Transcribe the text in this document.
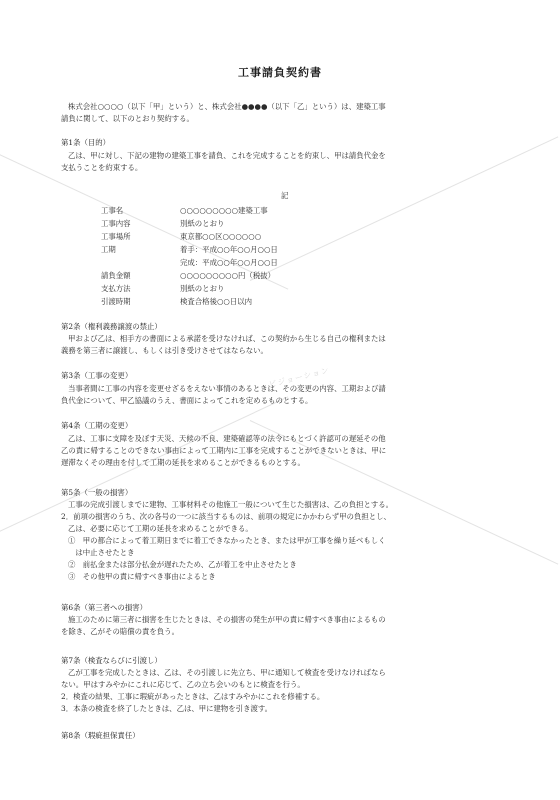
ビジョーション
工事請負契約書
株式会社○○○○（以下「甲」という）と、株式会社●●●●（以下「乙」という）は、建築工事
請負に関して、以下のとおり契約する。
第1条（目的）
乙は、甲に対し、下記の建物の建築工事を請負、これを完成することを約束し、甲は請負代金を
支払うことを約束する。
記
工事名	○○○○○○○○○建築工事
工事内容	別紙のとおり
工事場所	東京都○○区○○○○○○
工期	着手：平成○○年○○月○○日
完成：平成○○年○○月○○日
請負金額	○○○○○○○○○円（税抜）
支払方法	別紙のとおり
引渡時期	検査合格後○○日以内
第2条（権利義務譲渡の禁止）
甲および乙は、相手方の書面による承諾を受けなければ、この契約から生じる自己の権利または
義務を第三者に譲渡し、もしくは引き受けさせてはならない。
第3条（工事の変更）
当事者間に工事の内容を変更せざるをえない事情のあるときは、その変更の内容、工期および請
負代金について、甲乙協議のうえ、書面によってこれを定めるものとする。
第4条（工期の変更）
乙は、工事に支障を及ぼす天災、天候の不良、建築確認等の法令にもとづく許認可の遅延その他
乙の責に帰することのできない事由によって工期内に工事を完成することができないときは、甲に
遅滞なくその理由を付して工期の延長を求めることができるものとする。
第5条（一般の損害）
工事の完成引渡しまでに建物、工事材料その他施工一般について生じた損害は、乙の負担とする。
2．前項の損害のうち、次の各号の一つに該当するものは、前項の規定にかかわらず甲の負担とし、
乙は、必要に応じて工期の延長を求めることができる。
①　甲の都合によって着工期日までに着工できなかったとき、または甲が工事を繰り延べもしく
　は中止させたとき
②　前払金または部分払金が遅れたため、乙が着工を中止させたとき
③　その他甲の責に帰すべき事由によるとき
第6条（第三者への損害）
施工のために第三者に損害を生じたときは、その損害の発生が甲の責に帰すべき事由によるもの
を除き、乙がその賠償の責を負う。
第7条（検査ならびに引渡し）
乙が工事を完成したときは、乙は、その引渡しに先立ち、甲に通知して検査を受けなければなら
ない。甲はすみやかにこれに応じて、乙の立ち会いのもとに検査を行う。
2．検査の結果、工事に瑕疵があったときは、乙はすみやかにこれを修補する。
3．本条の検査を終了したときは、乙は、甲に建物を引き渡す。
第8条（瑕疵担保責任）
